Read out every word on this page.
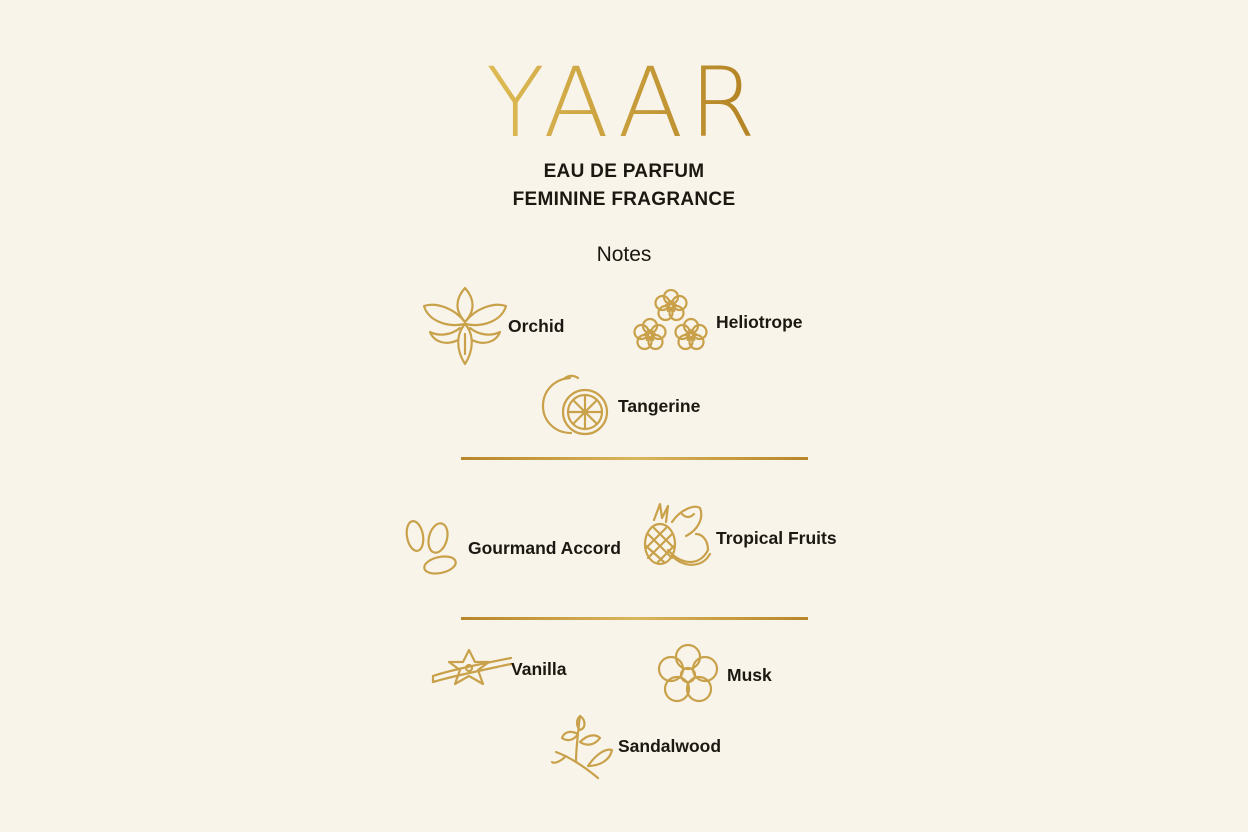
YAAR
EAU DE PARFUM
FEMININE FRAGRANCE
Notes
Orchid	Heliotrope
Tangerine
Gourmand Accord	Tropical Fruits
Vanilla	Musk
Sandalwood
